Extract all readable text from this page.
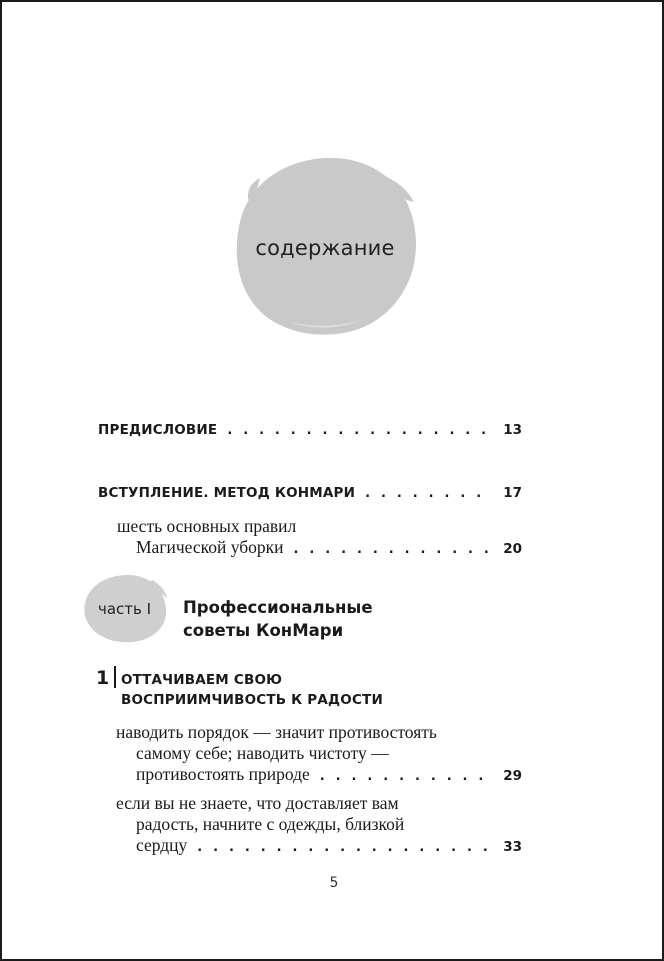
содержание
ПРЕДИСЛОВИЕ . . .	13
ВСТУПЛЕНИЕ. МЕТОД КОНМАРИ . . .	17
шесть основных правил
Магической уборки . . .	20
часть I Профессиональные
советы КонМари
1 ОТТАЧИВАЕМ СВОЮ
ВОСПРИИМЧИВОСТЬ К РАДОСТИ
наводить порядок — значит противостоять
самому себе; наводить чистоту —
противостоять природе . . .	29
если вы не знаете, что доставляет вам
радость, начните с одежды, близкой
сердцу . . .	33
5
